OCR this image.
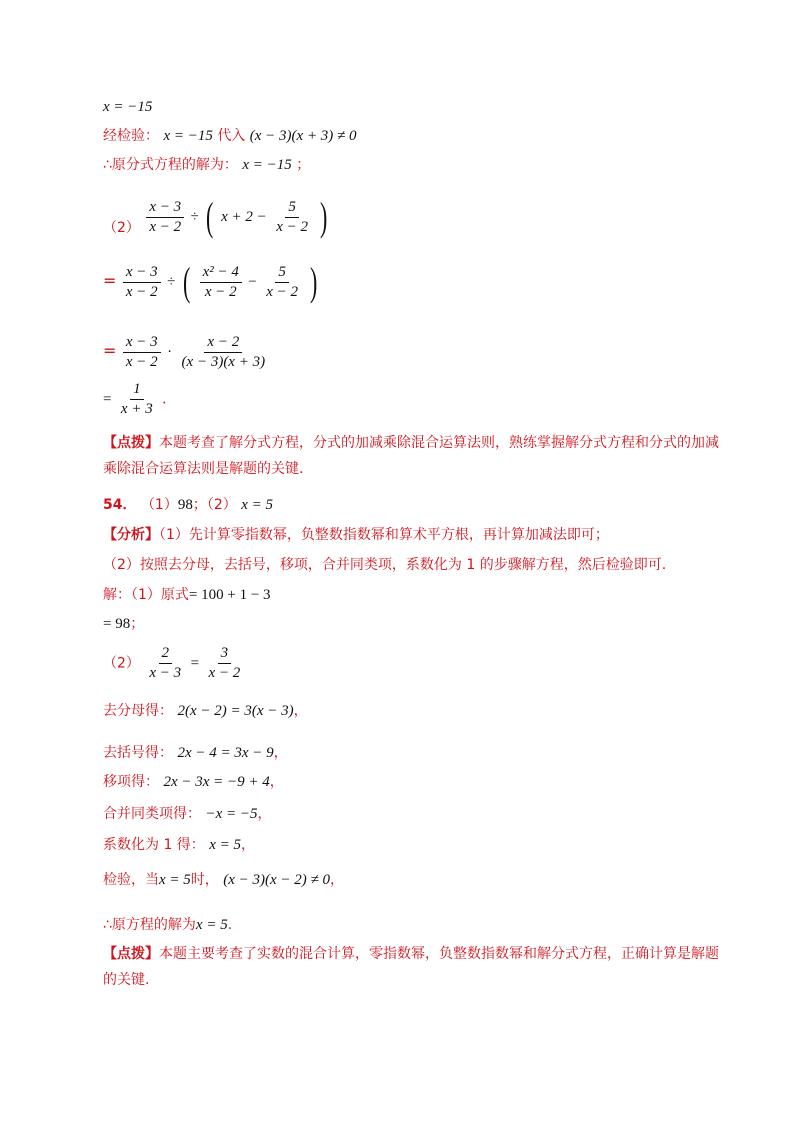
x = −15
经检验： x = −15 代入 (x − 3)(x + 3) ≠ 0
∴原分式方程的解为： x = −15 ；
$(2) \frac{x - 3}{x - 2}$ ÷ ( $x + 2 - \frac{5}{x - 2}$ )
= $\frac{x - 3}{x - 2}$ ÷ ( $\frac{\text{x² − 4}}{x - 2} - \frac{5}{x - 2}$ )
= $\frac{x - 3}{x - 2} \cdot \frac{x - 2}{(x - 3)(x + 3)}$
= $\frac{1}{x + 3}$ ．
【点拨】本题考查了解分式方程，分式的加减乘除混合运算法则，熟练掌握解分式方程和分式的加减乘除混合运算法则是解题的关键.
54． （1）98；（2） x = 5
【分析】（1）先计算零指数幂，负整数指数幂和算术平方根，再计算加减法即可；
（2）按照去分母，去括号，移项，合并同类项，系数化为 1 的步骤解方程，然后检验即可.
解：（1）原式= 100 + 1 − 3
= 98；
$(2) \frac{2}{x - 3} = \frac{3}{x - 2}$
去分母得： 2(x − 2) = 3(x − 3)，
去括号得： 2x − 4 = 3x − 9，
移项得： 2x − 3x = −9 + 4，
合并同类项得： −x = −5，
系数化为 1 得： x = 5，
检验，当x = 5时， (x − 3)(x − 2) ≠ 0，
∴原方程的解为x = 5.
【点拨】本题主要考查了实数的混合计算，零指数幂，负整数指数幂和解分式方程，正确计算是解题的关键.
